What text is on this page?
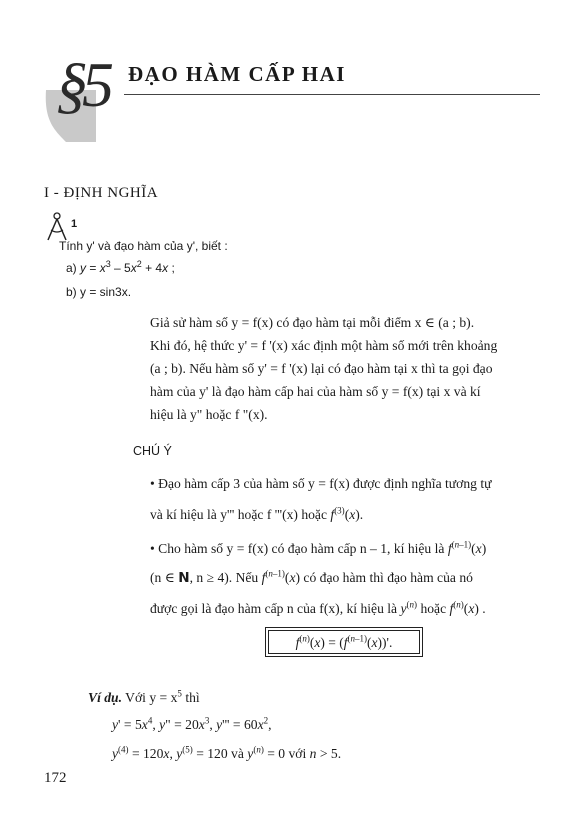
§5 ĐẠO HÀM CẤP HAI
I - ĐỊNH NGHĨA
1
Tính y' và đạo hàm của y', biết :
a) $y = x^3 - 5x^2 + 4x$ ;
b) y = sin3x.
Giả sử hàm số y = f(x) có đạo hàm tại mỗi điểm x ∈ (a ; b).
Khi đó, hệ thức y' = f '(x) xác định một hàm số mới trên khoảng
(a ; b). Nếu hàm số y' = f '(x) lại có đạo hàm tại x thì ta gọi đạo
hàm của y' là đạo hàm cấp hai của hàm số y = f(x) tại x và kí
hiệu là y" hoặc f "(x).
CHÚ Ý
• Đạo hàm cấp 3 của hàm số y = f(x) được định nghĩa tương tự
và kí hiệu là y''' hoặc f '''(x) hoặc $f^{(3)}(x)$.
• Cho hàm số y = f(x) có đạo hàm cấp n – 1, kí hiệu là $f^{(n-1)}(x)$
(n ∈ N, n ≥ 4). Nếu $f^{(n-1)}(x)$ có đạo hàm thì đạo hàm của nó
được gọi là đạo hàm cấp n của f(x), kí hiệu là $y^{(n)}$ hoặc $f^{(n)}(x)$ .
$f^{(n)}(x) = (f^{(n-1)}(x))'$.
Ví dụ. Với $y = x^5$ thì
$y' = 5x^4$, y" = $20x^3$, $y''' = 60x^2$,
$y^{(4)} = 120x$, $y^{(5)} = 120$ và $y^{(n)} = 0$ với n > 5.
172
